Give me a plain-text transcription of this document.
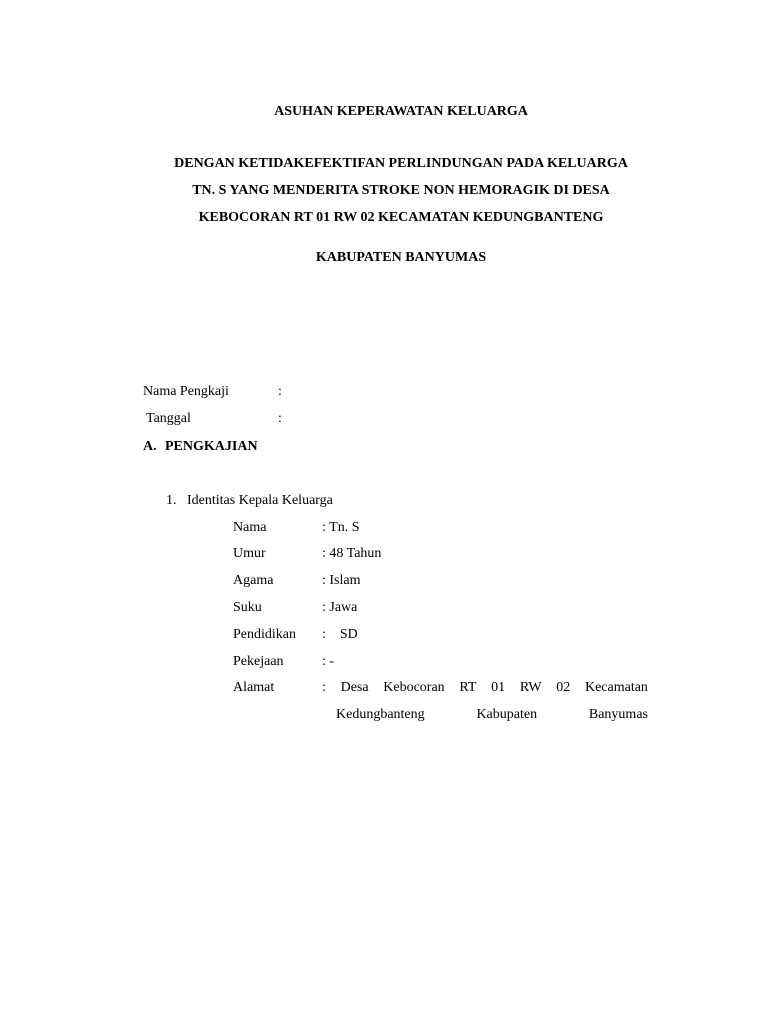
ASUHAN KEPERAWATAN KELUARGA
DENGAN KETIDAKEFEKTIFAN PERLINDUNGAN PADA KELUARGA
TN. S YANG MENDERITA STROKE NON HEMORAGIK DI DESA
KEBOCORAN RT 01 RW 02 KECAMATAN KEDUNGBANTENG
KABUPATEN BANYUMAS
Nama Pengkaji	:
Tanggal	:
A. PENGKAJIAN
1. Identitas Kepala Keluarga
Nama	: Tn. S
Umur	: 48 Tahun
Agama	: Islam
Suku	: Jawa
Pendidikan :    SD
Pekejaan	: -
Alamat	: Desa Kebocoran RT 01 RW 02 Kecamatan
Kedungbanteng	Kabupaten	Banyumas
